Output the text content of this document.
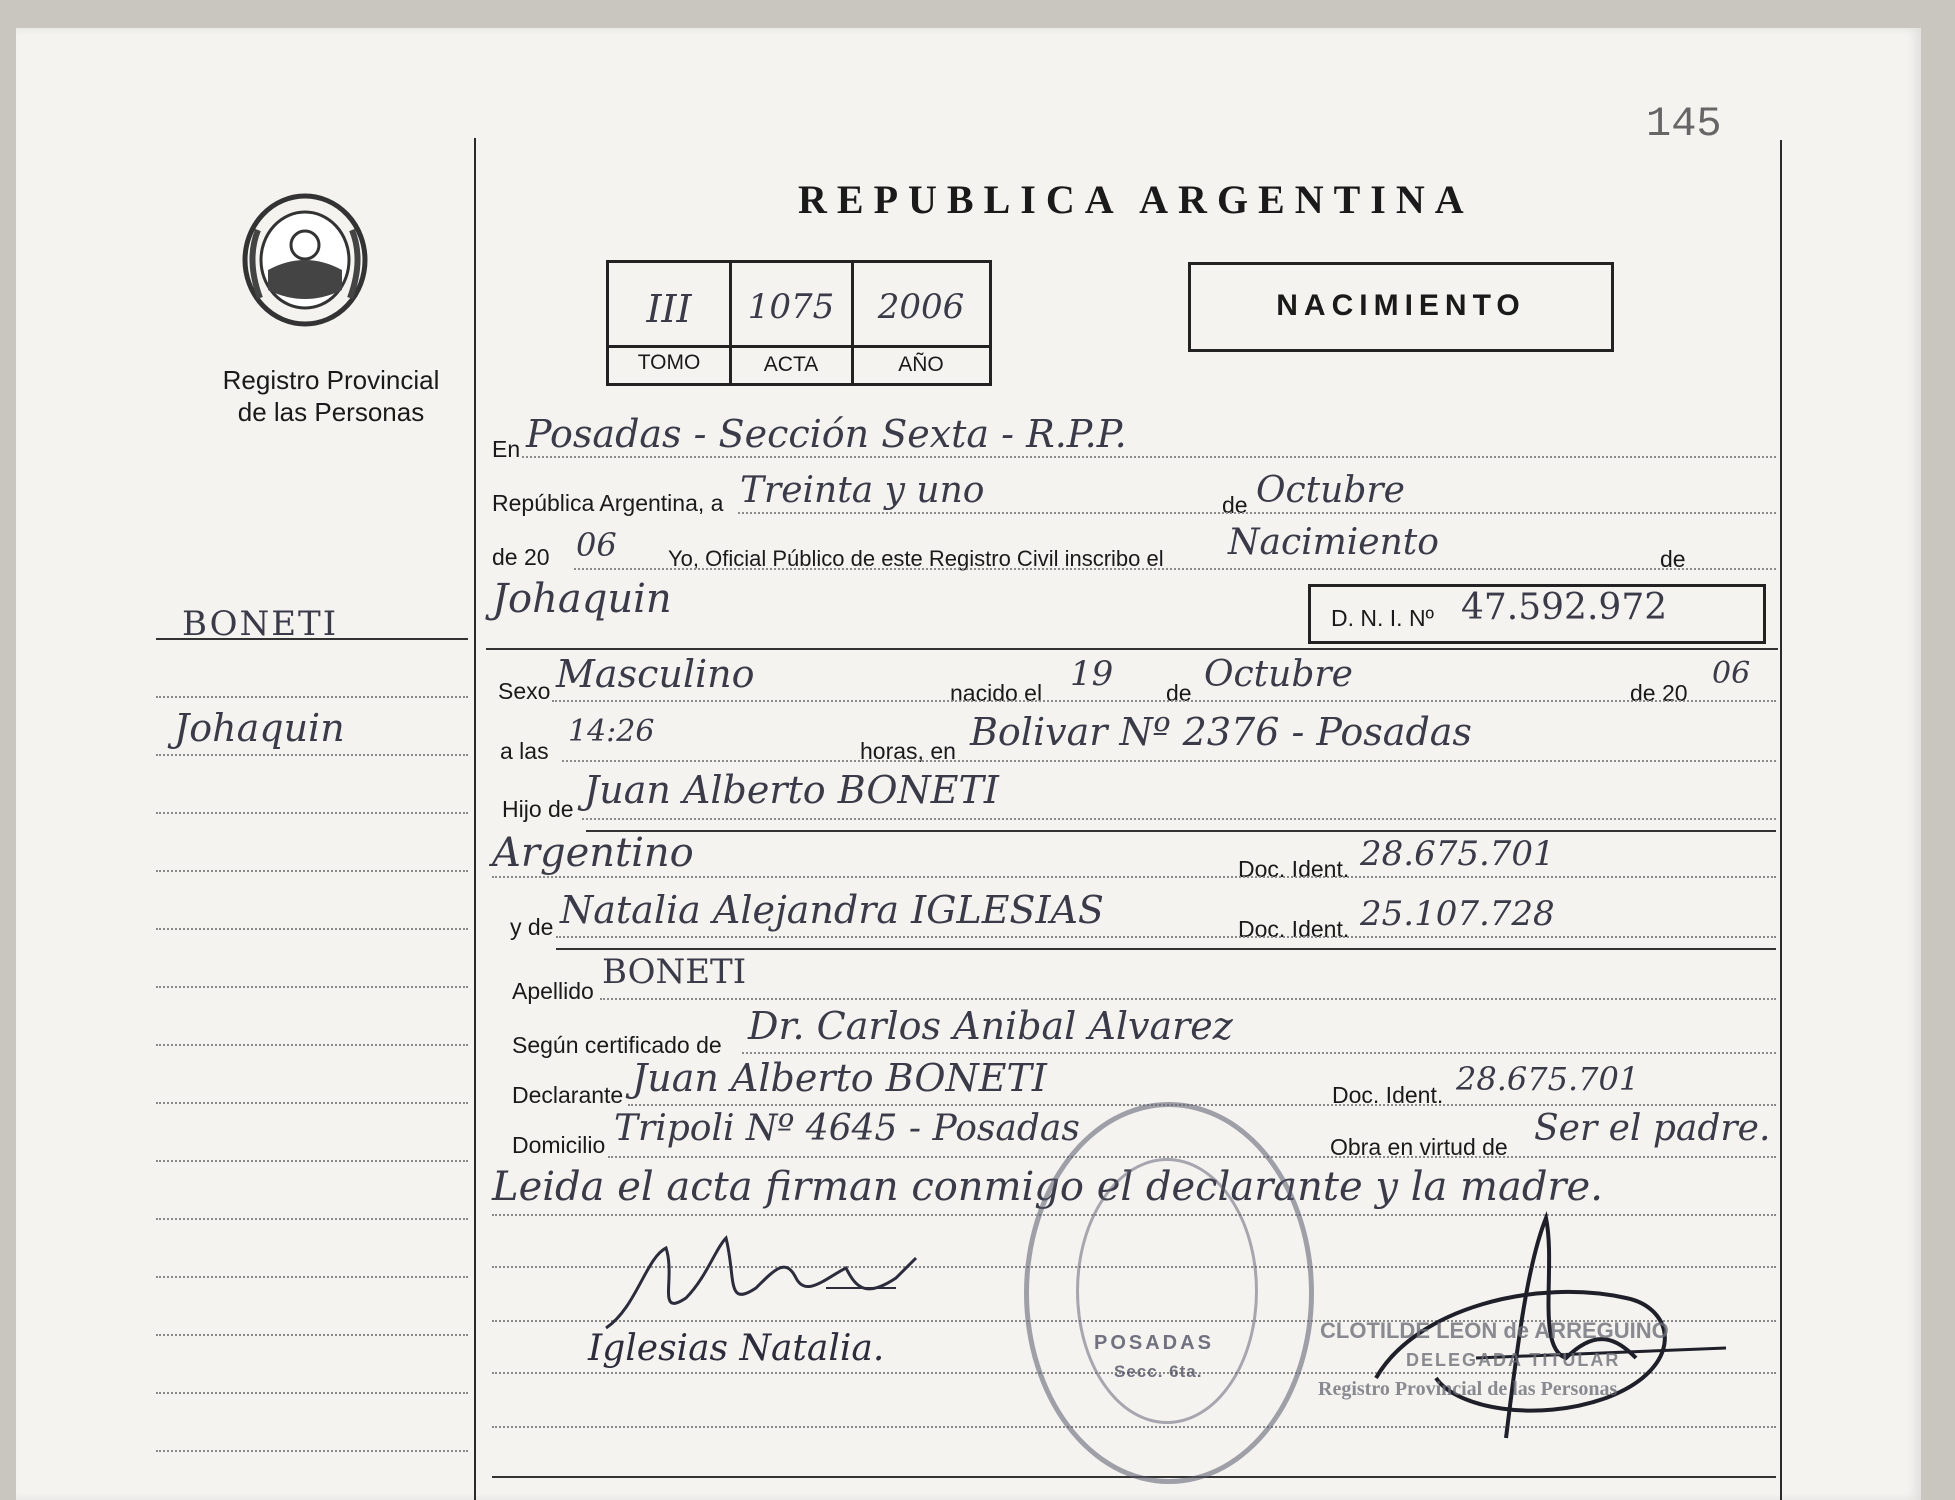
145
Registro Provincial
de las Personas
REPUBLICA ARGENTINA
III	1075	2006
TOMO	ACTA	AÑO
NACIMIENTO
BONETI
Johaquin
En Posadas - Sección Sexta - R.P.P.
República Argentina, a Treinta y uno	de Octubre
de 20 06 Yo, Oficial Público de este Registro Civil inscribo el Nacimiento	de
Johaquin	D. N. I. Nº 47.592.972
Sexo Masculino	nacido el 19 de Octubre	de 20
06
a las
14:26
horas, en Bolivar Nº 2376 - Posadas
Hijo de Juan Alberto BONETI
Argentino	Doc. Ident. 28.675.701
y de Natalia Alejandra IGLESIAS	Doc. Ident. 25.107.728
Apellido BONETI
Según certificado de Dr. Carlos Anibal Alvarez
Declarante Juan Alberto BONETI	Doc. Ident. 28.675.701
Domicilio Tripoli Nº 4645 - Posadas	Obra en virtud de Ser el padre.
Leida el acta firman conmigo el declarante y la madre.
Iglesias Natalia.	POSADAS
Secc. 6ta.
CLOTILDE LEON de ARREGUINO
DELEGADA TITULAR
Registro Provincial de las Personas
